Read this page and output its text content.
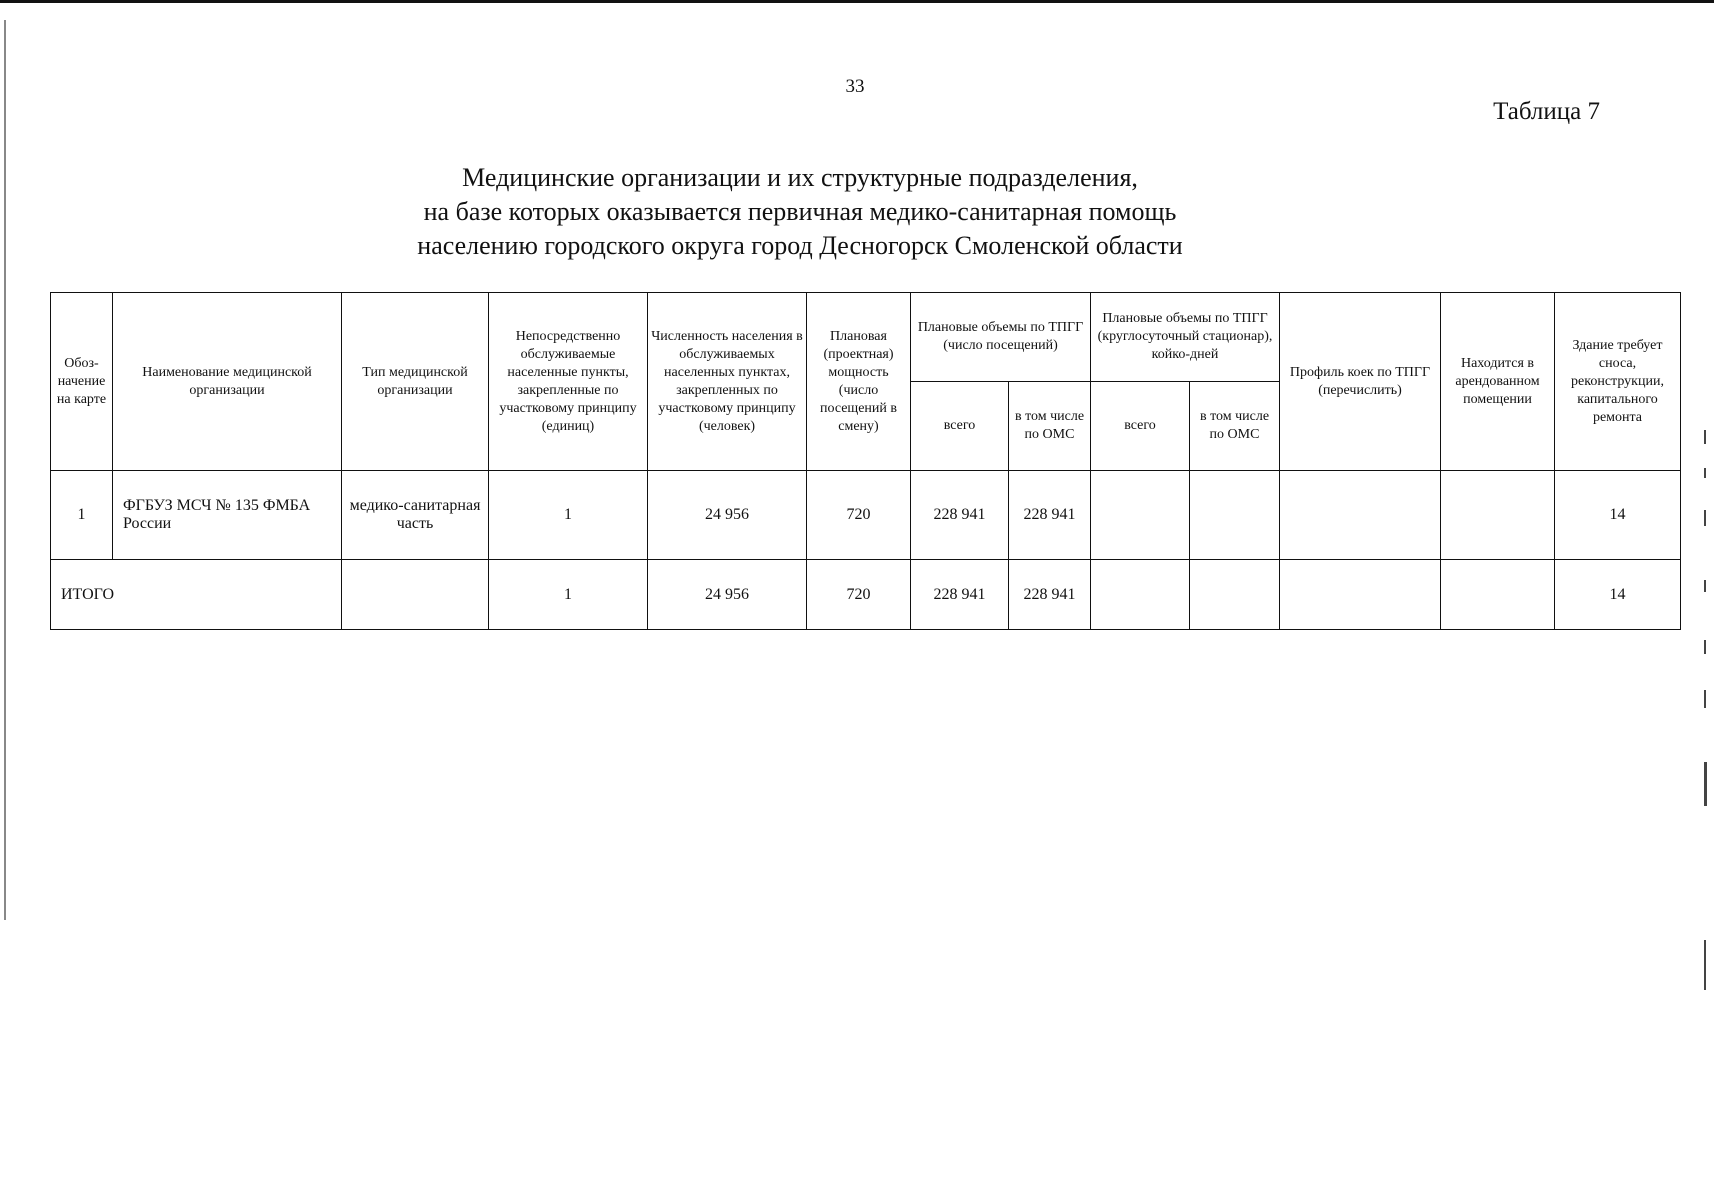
33
Таблица 7
Медицинские организации и их структурные подразделения,
на базе которых оказывается первичная медико-санитарная помощь
населению городского округа город Десногорск Смоленской области
Обоз-начение на карте	Наименование медицинской организации	Тип медицинской организации	Непосредственно обслуживаемые населенные пункты, закрепленные по участковому принципу (единиц)	Численность населения в обслуживаемых населенных пунктах, закрепленных по участковому принципу (человек)	Плановая (проектная) мощность (число посещений в смену)	Плановые объемы по ТПГГ (число посещений)		Плановые объемы по ТПГГ (круглосуточный стационар), койко-дней		Профиль коек по ТПГГ (перечислить)	Находится в арендованном помещении	Здание требует сноса, реконструкции, капитального ремонта
						всего	в том числе по ОМС	всего	в том числе по ОМС			
1	ФГБУЗ МСЧ № 135 ФМБА России	медико-санитарная часть	1	24 956	720	228 941	228 941					14
ИТОГО			1	24 956	720	228 941	228 941					14
